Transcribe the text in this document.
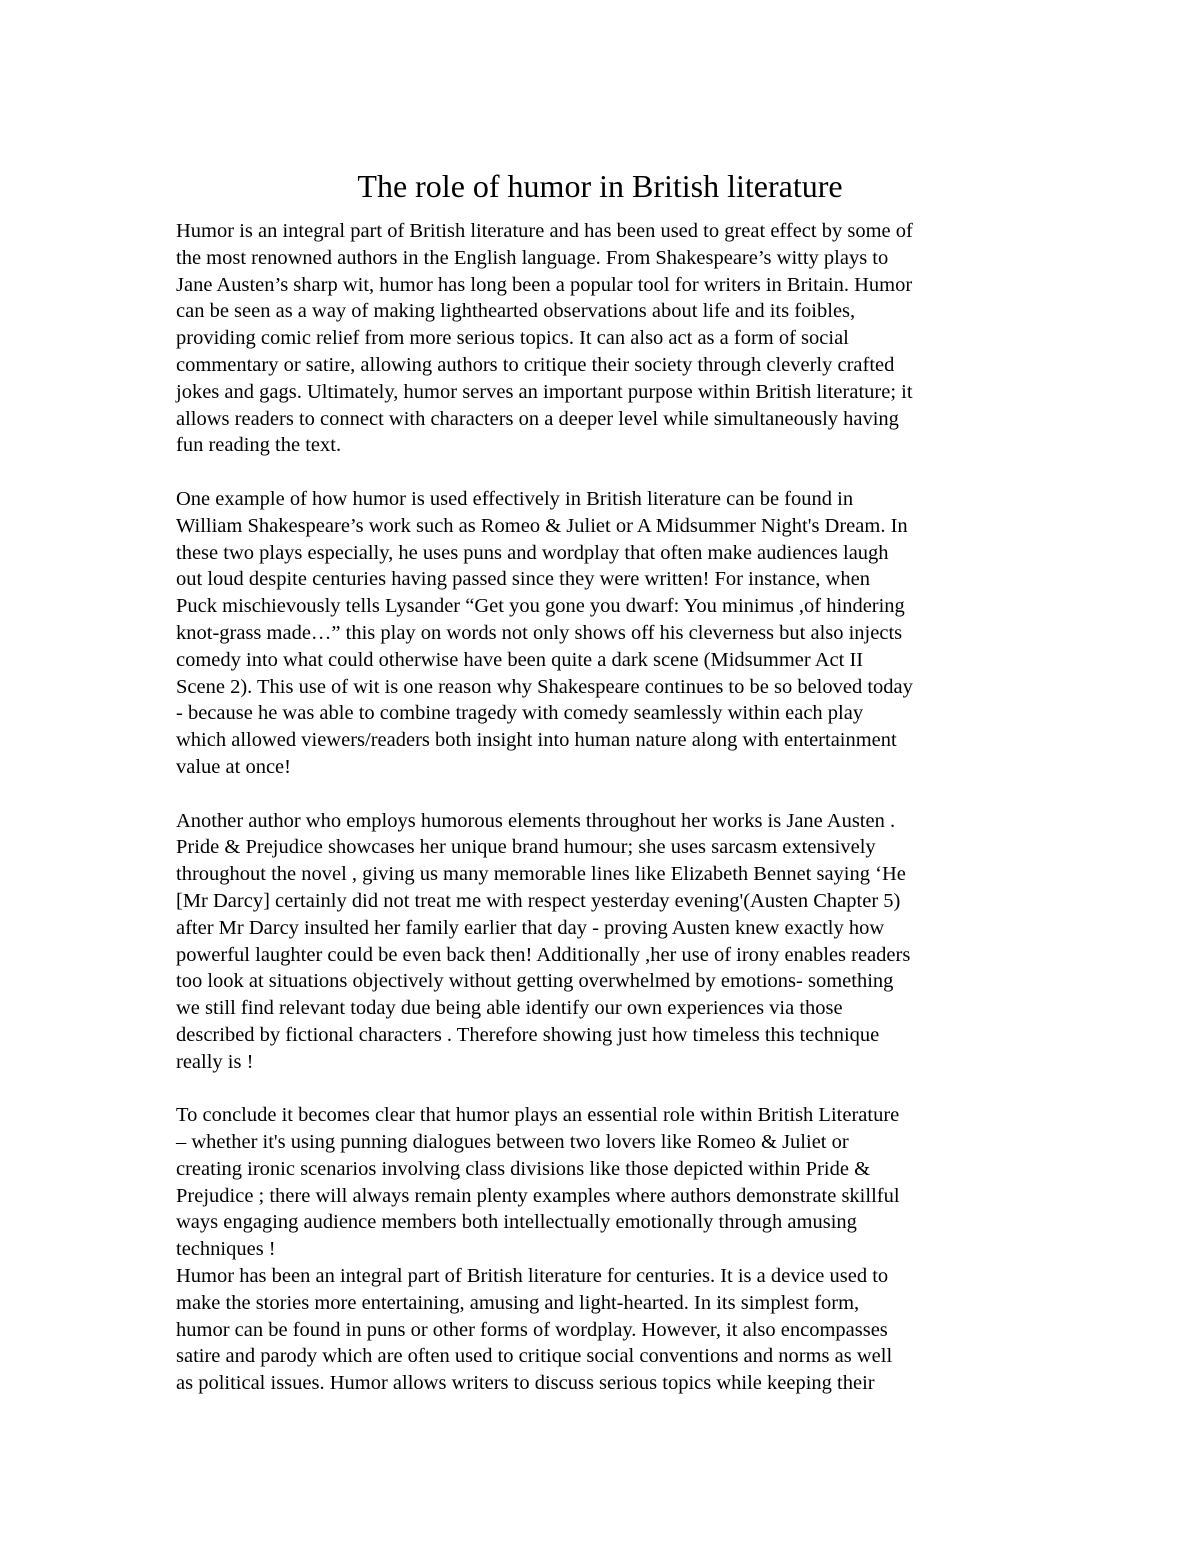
The role of humor in British literature

Humor is an integral part of British literature and has been used to great effect by some of
the most renowned authors in the English language. From Shakespeare’s witty plays to
Jane Austen’s sharp wit, humor has long been a popular tool for writers in Britain. Humor
can be seen as a way of making lighthearted observations about life and its foibles,
providing comic relief from more serious topics. It can also act as a form of social
commentary or satire, allowing authors to critique their society through cleverly crafted
jokes and gags. Ultimately, humor serves an important purpose within British literature; it
allows readers to connect with characters on a deeper level while simultaneously having
fun reading the text.

One example of how humor is used effectively in British literature can be found in
William Shakespeare’s work such as Romeo & Juliet or A Midsummer Night's Dream. In
these two plays especially, he uses puns and wordplay that often make audiences laugh
out loud despite centuries having passed since they were written! For instance, when
Puck mischievously tells Lysander “Get you gone you dwarf: You minimus ,of hindering
knot-grass made…” this play on words not only shows off his cleverness but also injects
comedy into what could otherwise have been quite a dark scene (Midsummer Act II
Scene 2). This use of wit is one reason why Shakespeare continues to be so beloved today
- because he was able to combine tragedy with comedy seamlessly within each play
which allowed viewers/readers both insight into human nature along with entertainment
value at once!

Another author who employs humorous elements throughout her works is Jane Austen .
Pride & Prejudice showcases her unique brand humour; she uses sarcasm extensively
throughout the novel , giving us many memorable lines like Elizabeth Bennet saying ‘He
[Mr Darcy] certainly did not treat me with respect yesterday evening'(Austen Chapter 5)
after Mr Darcy insulted her family earlier that day - proving Austen knew exactly how
powerful laughter could be even back then! Additionally ,her use of irony enables readers
too look at situations objectively without getting overwhelmed by emotions- something
we still find relevant today due being able identify our own experiences via those
described by fictional characters . Therefore showing just how timeless this technique
really is !

To conclude it becomes clear that humor plays an essential role within British Literature
– whether it's using punning dialogues between two lovers like Romeo & Juliet or
creating ironic scenarios involving class divisions like those depicted within Pride &
Prejudice ; there will always remain plenty examples where authors demonstrate skillful
ways engaging audience members both intellectually emotionally through amusing
techniques !
Humor has been an integral part of British literature for centuries. It is a device used to
make the stories more entertaining, amusing and light-hearted. In its simplest form,
humor can be found in puns or other forms of wordplay. However, it also encompasses
satire and parody which are often used to critique social conventions and norms as well
as political issues. Humor allows writers to discuss serious topics while keeping their
